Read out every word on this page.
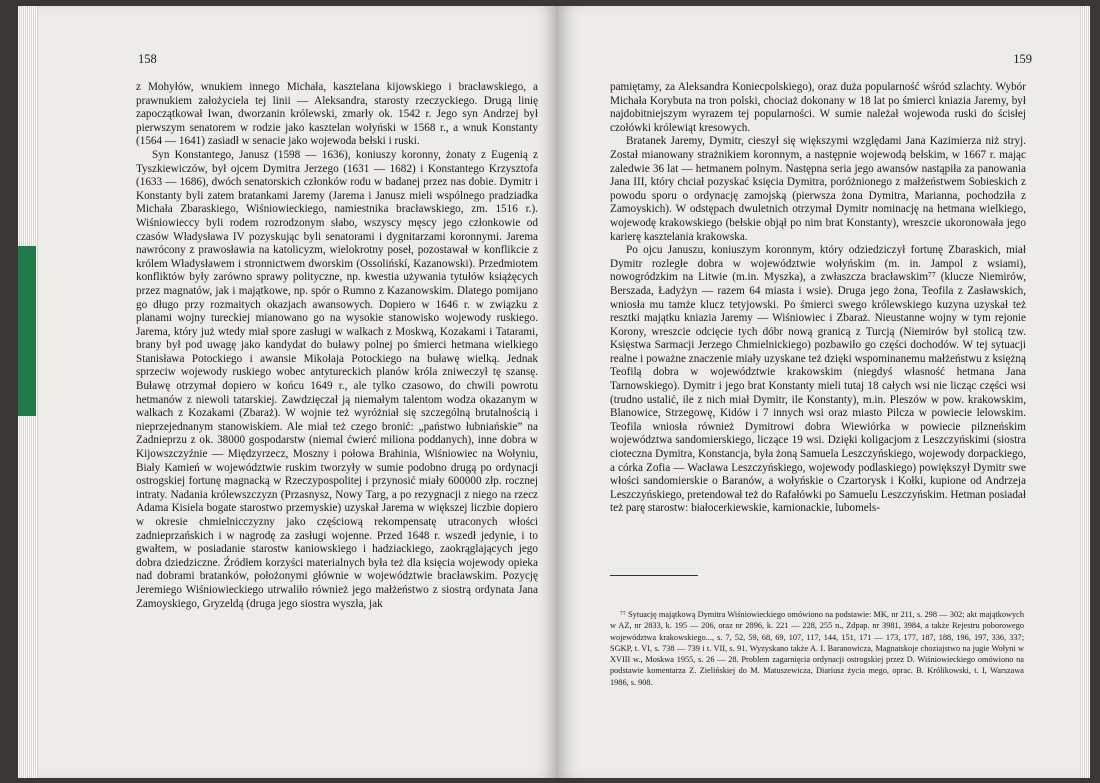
158

z Mohyłów, wnukiem innego Michała, kasztelana kijowskiego i bracławskiego, a prawnukiem założyciela tej linii — Aleksandra, starosty rzeczyckiego. Drugą linię zapoczątkował Iwan, dworzanin królewski, zmarły ok. 1542 r. Jego syn Andrzej był pierwszym senatorem w rodzie jako kasztelan wołyński w 1568 r., a wnuk Konstanty (1564 — 1641) zasiadł w senacie jako wojewoda bełski i ruski.

Syn Konstantego, Janusz (1598 — 1636), koniuszy koronny, żonaty z Eugenią z Tyszkiewiczów, był ojcem Dymitra Jerzego (1631 — 1682) i Konstantego Krzysztofa (1633 — 1686), dwóch senatorskich członków rodu w badanej przez nas dobie. Dymitr i Konstanty byli zatem bratankami Jaremy (Jarema i Janusz mieli wspólnego pradziadka Michała Zbaraskiego, Wiśniowieckiego, namiestnika bracławskiego, zm. 1516 r.). Wiśniowieccy byli rodem rozrodzonym słabo, wszyscy męscy jego członkowie od czasów Władysława IV pozyskując byli senatorami i dygnitarzami koronnymi. Jarema nawrócony z prawosławia na katolicyzm, wielokrotny poseł, pozostawał w konflikcie z królem Władysławem i stronnictwem dworskim (Ossolińskí, Kazanowski). Przedmiotem konfliktów były zarówno sprawy polityczne, np. kwestia używania tytułów książęcych przez magnatów, jak i majątkowe, np. spór o Rumno z Kazanowskim. Dlatego pomijano go długo przy rozmaitych okazjach awansowych. Dopiero w 1646 r. w związku z planami wojny tureckiej mianowano go na wysokie stanowisko wojewody ruskiego. Jarema, który już wtedy miał spore zasługi w walkach z Moskwą, Kozakami i Tatarami, brany był pod uwagę jako kandydat do buławy polnej po śmierci hetmana wielkiego Stanisława Potockiego i awansie Mikołaja Potockiego na buławę wielką. Jednak sprzeciw wojewody ruskiego wobec antytureckich planów króla zniweczył tę szansę. Buławę otrzymał dopiero w końcu 1649 r., ale tylko czasowo, do chwili powrotu hetmanów z niewoli tatarskiej. Zawdzięczał ją niemałym talentom wodza okazanym w walkach z Kozakami (Zbaraż). W wojnie też wyróżniał się szczególną brutalnością i nieprzejednanym stanowiskiem. Ale miał też czego bronić: „państwo łubniańskie” na Zadnieprzu z ok. 38000 gospodarstw (niemal ćwierć miliona poddanych), inne dobra w Kijowszczyźnie — Międzyrzecz, Moszny i połowa Brahinia, Wiśniowiec na Wołyniu, Biały Kamień w województwie ruskim tworzyły w sumie podobno drugą po ordynacji ostrogskiej fortunę magnacką w Rzeczypospolitej i przynosić miały 600000 złp. rocznej intraty. Nadania królewszczyzn (Przasnysz, Nowy Targ, a po rezygnacji z niego na rzecz Adama Kisiela bogate starostwo przemyskie) uzyskał Jarema w większej liczbie dopiero w okresie chmielnicczyzny jako częściową rekompensatę utraconych włości zadnieprzańskich i w nagrodę za zasługi wojenne. Przed 1648 r. wszedł jedynie, i to gwałtem, w posiadanie starostw kaniowskiego i hadziackiego, zaokrąglających jego dobra dziedziczne. Źródłem korzyści materialnych była też dla księcia wojewody opieka nad dobrami bratanków, położonymi głównie w województwie bracławskim. Pozycję Jeremiego Wiśniowieckiego utrwaliło również jego małżeństwo z siostrą ordynata Jana Zamoyskiego, Gryzeldą (druga jego siostra wyszła, jak

159

pamiętamy, za Aleksandra Koniecpolskiego), oraz duża popularność wśród szlachty. Wybór Michała Korybuta na tron polski, chociaż dokonany w 18 lat po śmierci kniazia Jaremy, był najdobitniejszym wyrazem tej popularności. W sumie należał wojewoda ruski do ścisłej czołówki królewiąt kresowych.

Bratanek Jaremy, Dymitr, cieszył się większymi względami Jana Kazimierza niż stryj. Został mianowany strażnikiem koronnym, a następnie wojewodą bełskim, w 1667 r. mając zaledwie 36 lat — hetmanem polnym. Następna seria jego awansów nastąpiła za panowania Jana III, który chciał pozyskać księcia Dymitra, poróżnionego z małżeństwem Sobieskich z powodu sporu o ordynację zamojską (pierwsza żona Dymitra, Marianna, pochodziła z Zamoyskich). W odstępach dwuletnich otrzymał Dymitr nominację na hetmana wielkiego, wojewodę krakowskiego (bełskie objął po nim brat Konstanty), wreszcie ukoronowała jego karierę kasztelania krakowska.

Po ojcu Januszu, koniuszym koronnym, który odziedziczył fortunę Zbaraskich, miał Dymitr rozległe dobra w województwie wołyńskim (m. in. Jampol z wsiami), nowogródzkim na Litwie (m.in. Myszka), a zwłaszcza bracławskim⁷⁷ (klucze Niemirów, Berszada, Ładyżyn — razem 64 miasta i wsie). Druga jego żona, Teofila z Zasławskich, wniosła mu tamże klucz tetyjowski. Po śmierci swego królewskiego kuzyna uzyskał też resztki majątku kniazia Jaremy — Wiśniowiec i Zbaraż. Nieustanne wojny w tym rejonie Korony, wreszcie odcięcie tych dóbr nową granicą z Turcją (Niemirów był stolicą tzw. Księstwa Sarmacji Jerzego Chmielnickiego) pozbawiło go części dochodów. W tej sytuacji realne i poważne znaczenie miały uzyskane też dzięki wspominanemu małżeństwu z księżną Teofilą dobra w województwie krakowskim (niegdyś własność hetmana Jana Tarnowskiego). Dymitr i jego brat Konstanty mieli tutaj 18 całych wsi nie licząc części wsi (trudno ustalić, ile z nich miał Dymitr, ile Konstanty), m.in. Pleszów w pow. krakowskim, Blanowice, Strzegowę, Kidów i 7 innych wsi oraz miasto Pilcza w powiecie lelowskim. Teofila wniosła również Dymitrowi dobra Wiewiórka w powiecie pilzneńskim województwa sandomierskiego, liczące 19 wsi. Dzięki koligacjom z Leszczyńskimi (siostra cioteczna Dymitra, Konstancja, była żoną Samuela Leszczyńskiego, wojewody dorpackiego, a córka Zofia — Wacława Leszczyńskiego, wojewody podlaskiego) powiększył Dymitr swe włości sandomierskie o Baranów, a wołyńskie o Czartorysk i Kołki, kupione od Andrzeja Leszczyńskiego, pretendował też do Rafałówki po Samuelu Leszczyńskim. Hetman posiadał też parę starostw: białocerkiewskie, kamionackie, lubomels-

⁷⁷ Sytuację majątkową Dymitra Wiśniowieckiego omówiono na podstawie: MK, nr 211, s. 298 — 302; akt majątkowych w AZ, nr 2833, k. 195 — 206, oraz nr 2896, k. 221 — 228, 255 n., Zdpap. nr 3981, 3984, a także Rejestru poborowego województwa krakowskiego..., s. 7, 52, 59, 68, 69, 107, 117, 144, 151, 171 — 173, 177, 187, 188, 196, 197, 336, 337; SGKP, t. VI, s. 738 — 739 i t. VII, s. 91. Wyzyskano także A. I. Baranowicza, Magnatskoje choziajstwo na jugie Wołyni w XVIII w., Moskwa 1955, s. 26 — 28. Problem zagarnięcia ordynacji ostrogskiej przez D. Wiśniowieckiego omówiono na podstawie komentarza Z. Zielińskiej do M. Matuszewicza, Diariusz życia mego, oprac. B. Królikowski, t. I, Warszawa 1986, s. 908.
